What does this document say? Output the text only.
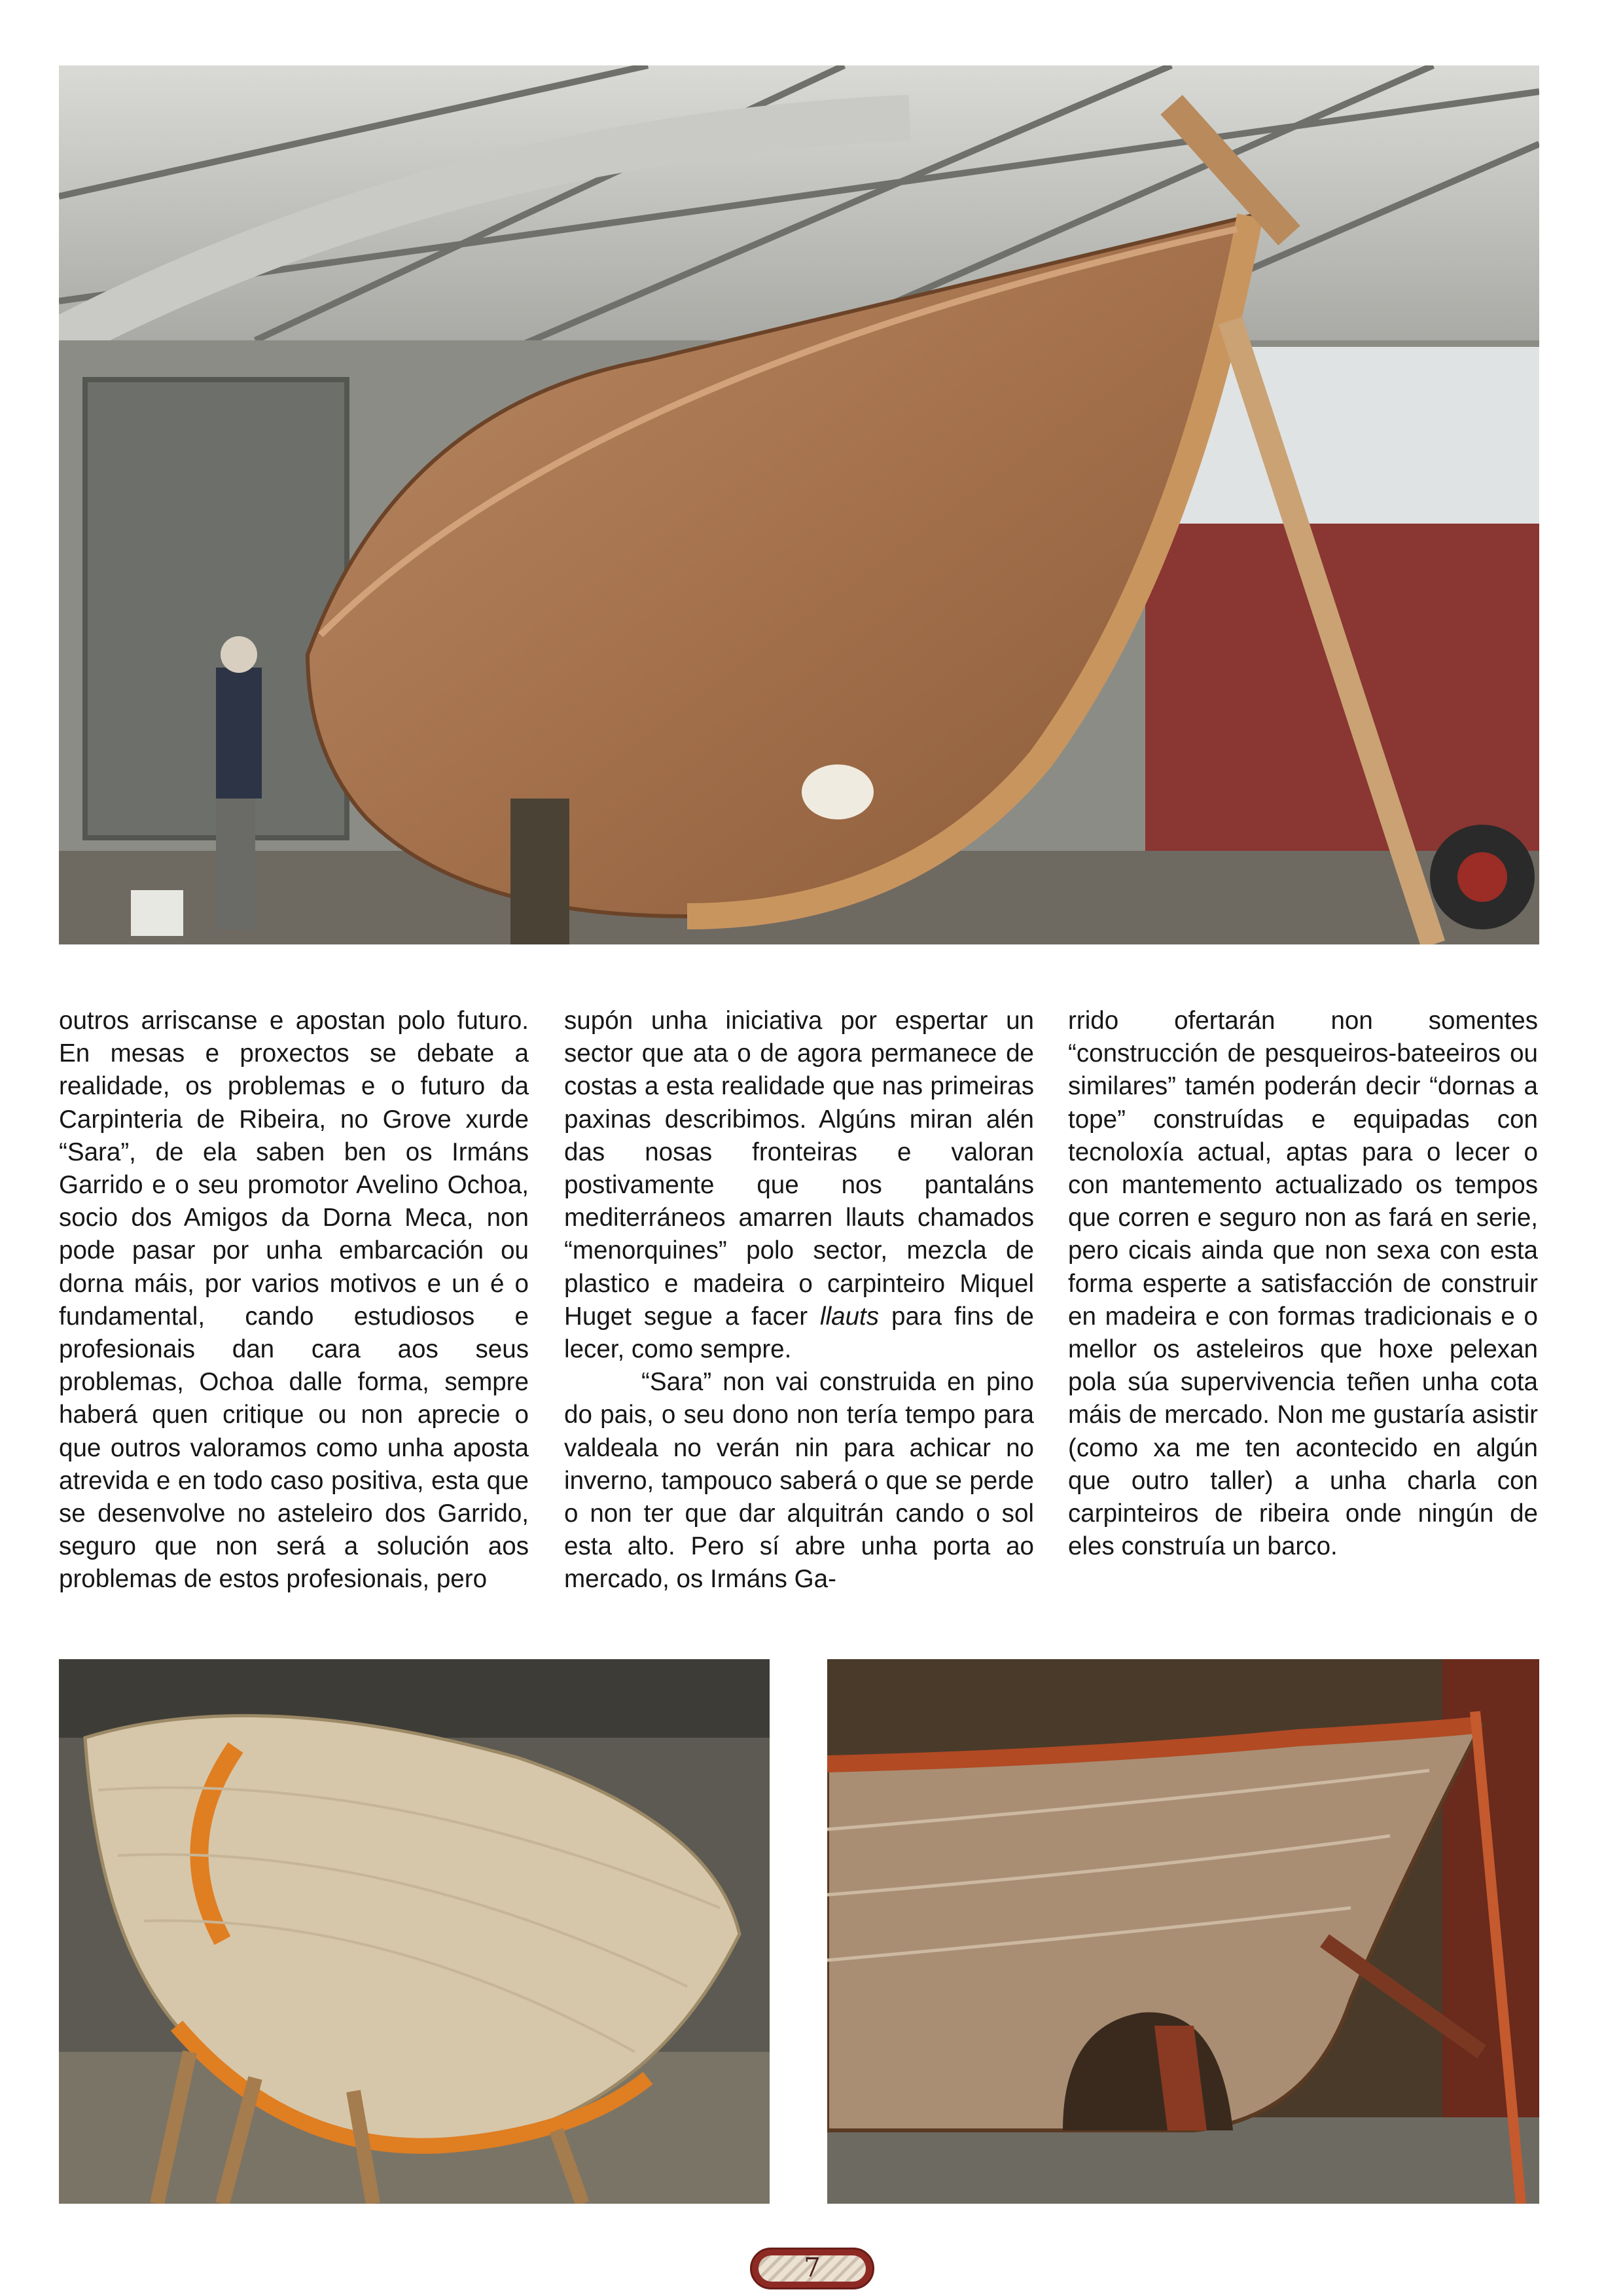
outros arriscanse e apostan polo futuro. En mesas e proxectos se debate a realidade, os problemas e o futuro da Carpinteria de Ribeira, no Grove xurde “Sara”, de ela saben ben os Irmáns Garrido e o seu promotor Avelino Ochoa, socio dos Amigos da Dorna Meca, non pode pasar por unha embarcación ou dorna máis, por varios motivos e un é o fundamental, cando estudiosos e profesionais dan cara aos seus problemas, Ochoa dalle forma, sempre haberá quen critique ou non aprecie o que outros valoramos como unha aposta atrevida e en todo caso positiva, esta que se desenvolve no asteleiro dos Garrido, seguro que non será a solución aos problemas de estos profesionais, pero

supón unha iniciativa por espertar un sector que ata o de agora permanece de costas a esta realidade que nas primeiras paxinas describimos. Algúns miran alén das nosas fronteiras e valoran postivamente que nos pantaláns mediterráneos amarren llauts chamados “menorquines” polo sector, mezcla de plastico e madeira o carpinteiro Miquel Huget segue a facer llauts para fins de lecer, como sempre.

“Sara” non vai construida en pino do pais, o seu dono non tería tempo para valdeala no verán nin para achicar no inverno, tampouco saberá o que se perde o non ter que dar alquitrán cando o sol esta alto. Pero sí abre unha porta ao mercado, os Irmáns Ga-

rrido ofertarán non somentes “construcción de pesqueiros-bateeiros ou similares” tamén poderán decir “dornas a tope” construídas e equipadas con tecnoloxía actual, aptas para o lecer o con mantemento actualizado os tempos que corren e seguro non as fará en serie, pero cicais ainda que non sexa con esta forma esperte a satisfacción de construir en madeira e con formas tradicionais e o mellor os asteleiros que hoxe pelexan pola súa supervivencia teñen unha cota máis de mercado. Non me gustaría asistir (como xa me ten acontecido en algún que outro taller) a unha charla con carpinteiros de ribeira onde ningún de eles construía un barco.

7
